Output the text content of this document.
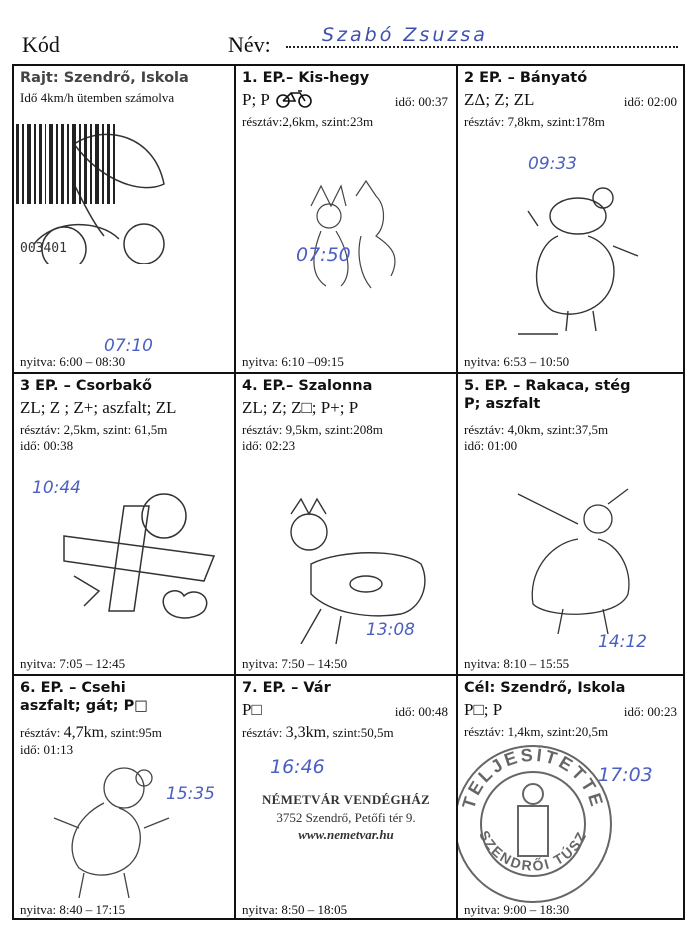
Kód	Név:	Szabó Zsuzsa
Rajt: Szendrő, Iskola
Idő 4km/h ütemben számolva
003401
07:10
nyitva: 6:00 – 08:30
1. EP.– Kis-hegy
P; P	idő: 00:37
résztáv:2,6km, szint:23m
07:50
nyitva: 6:10 –09:15
2 EP. – Bányató
ZΔ; Z; ZL	idő: 02:00
résztáv: 7,8km, szint:178m
09:33
nyitva: 6:53 – 10:50
3 EP. – Csorbakő
ZL; Z ; Z+; aszfalt; ZL
résztáv: 2,5km, szint: 61,5m
idő: 00:38
10:44
nyitva: 7:05 – 12:45
4. EP.– Szalonna
ZL; Z; Z□; P+; P
résztáv: 9,5km, szint:208m
idő: 02:23
13:08
nyitva: 7:50 – 14:50
5. EP. – Rakaca, stég
P; aszfalt
résztáv: 4,0km, szint:37,5m
idő: 01:00
14:12
nyitva: 8:10 – 15:55
6. EP. – Csehi
aszfalt; gát; P□
résztáv: 4,7km, szint:95m
idő: 01:13
15:35
nyitva: 8:40 – 17:15
7. EP. – Vár
P□	idő: 00:48
résztáv: 3,3km, szint:50,5m
16:46
NÉMETVÁR VENDÉGHÁZ
3752 Szendrő, Petőfi tér 9.
www.nemetvar.hu
nyitva: 8:50 – 18:05
Cél: Szendrő, Iskola
P□; P	idő: 00:23
résztáv: 1,4km, szint:20,5m
TELJESÍTETTE
SZENDRŐI TÚSZ
17:03
nyitva: 9:00 – 18:30
